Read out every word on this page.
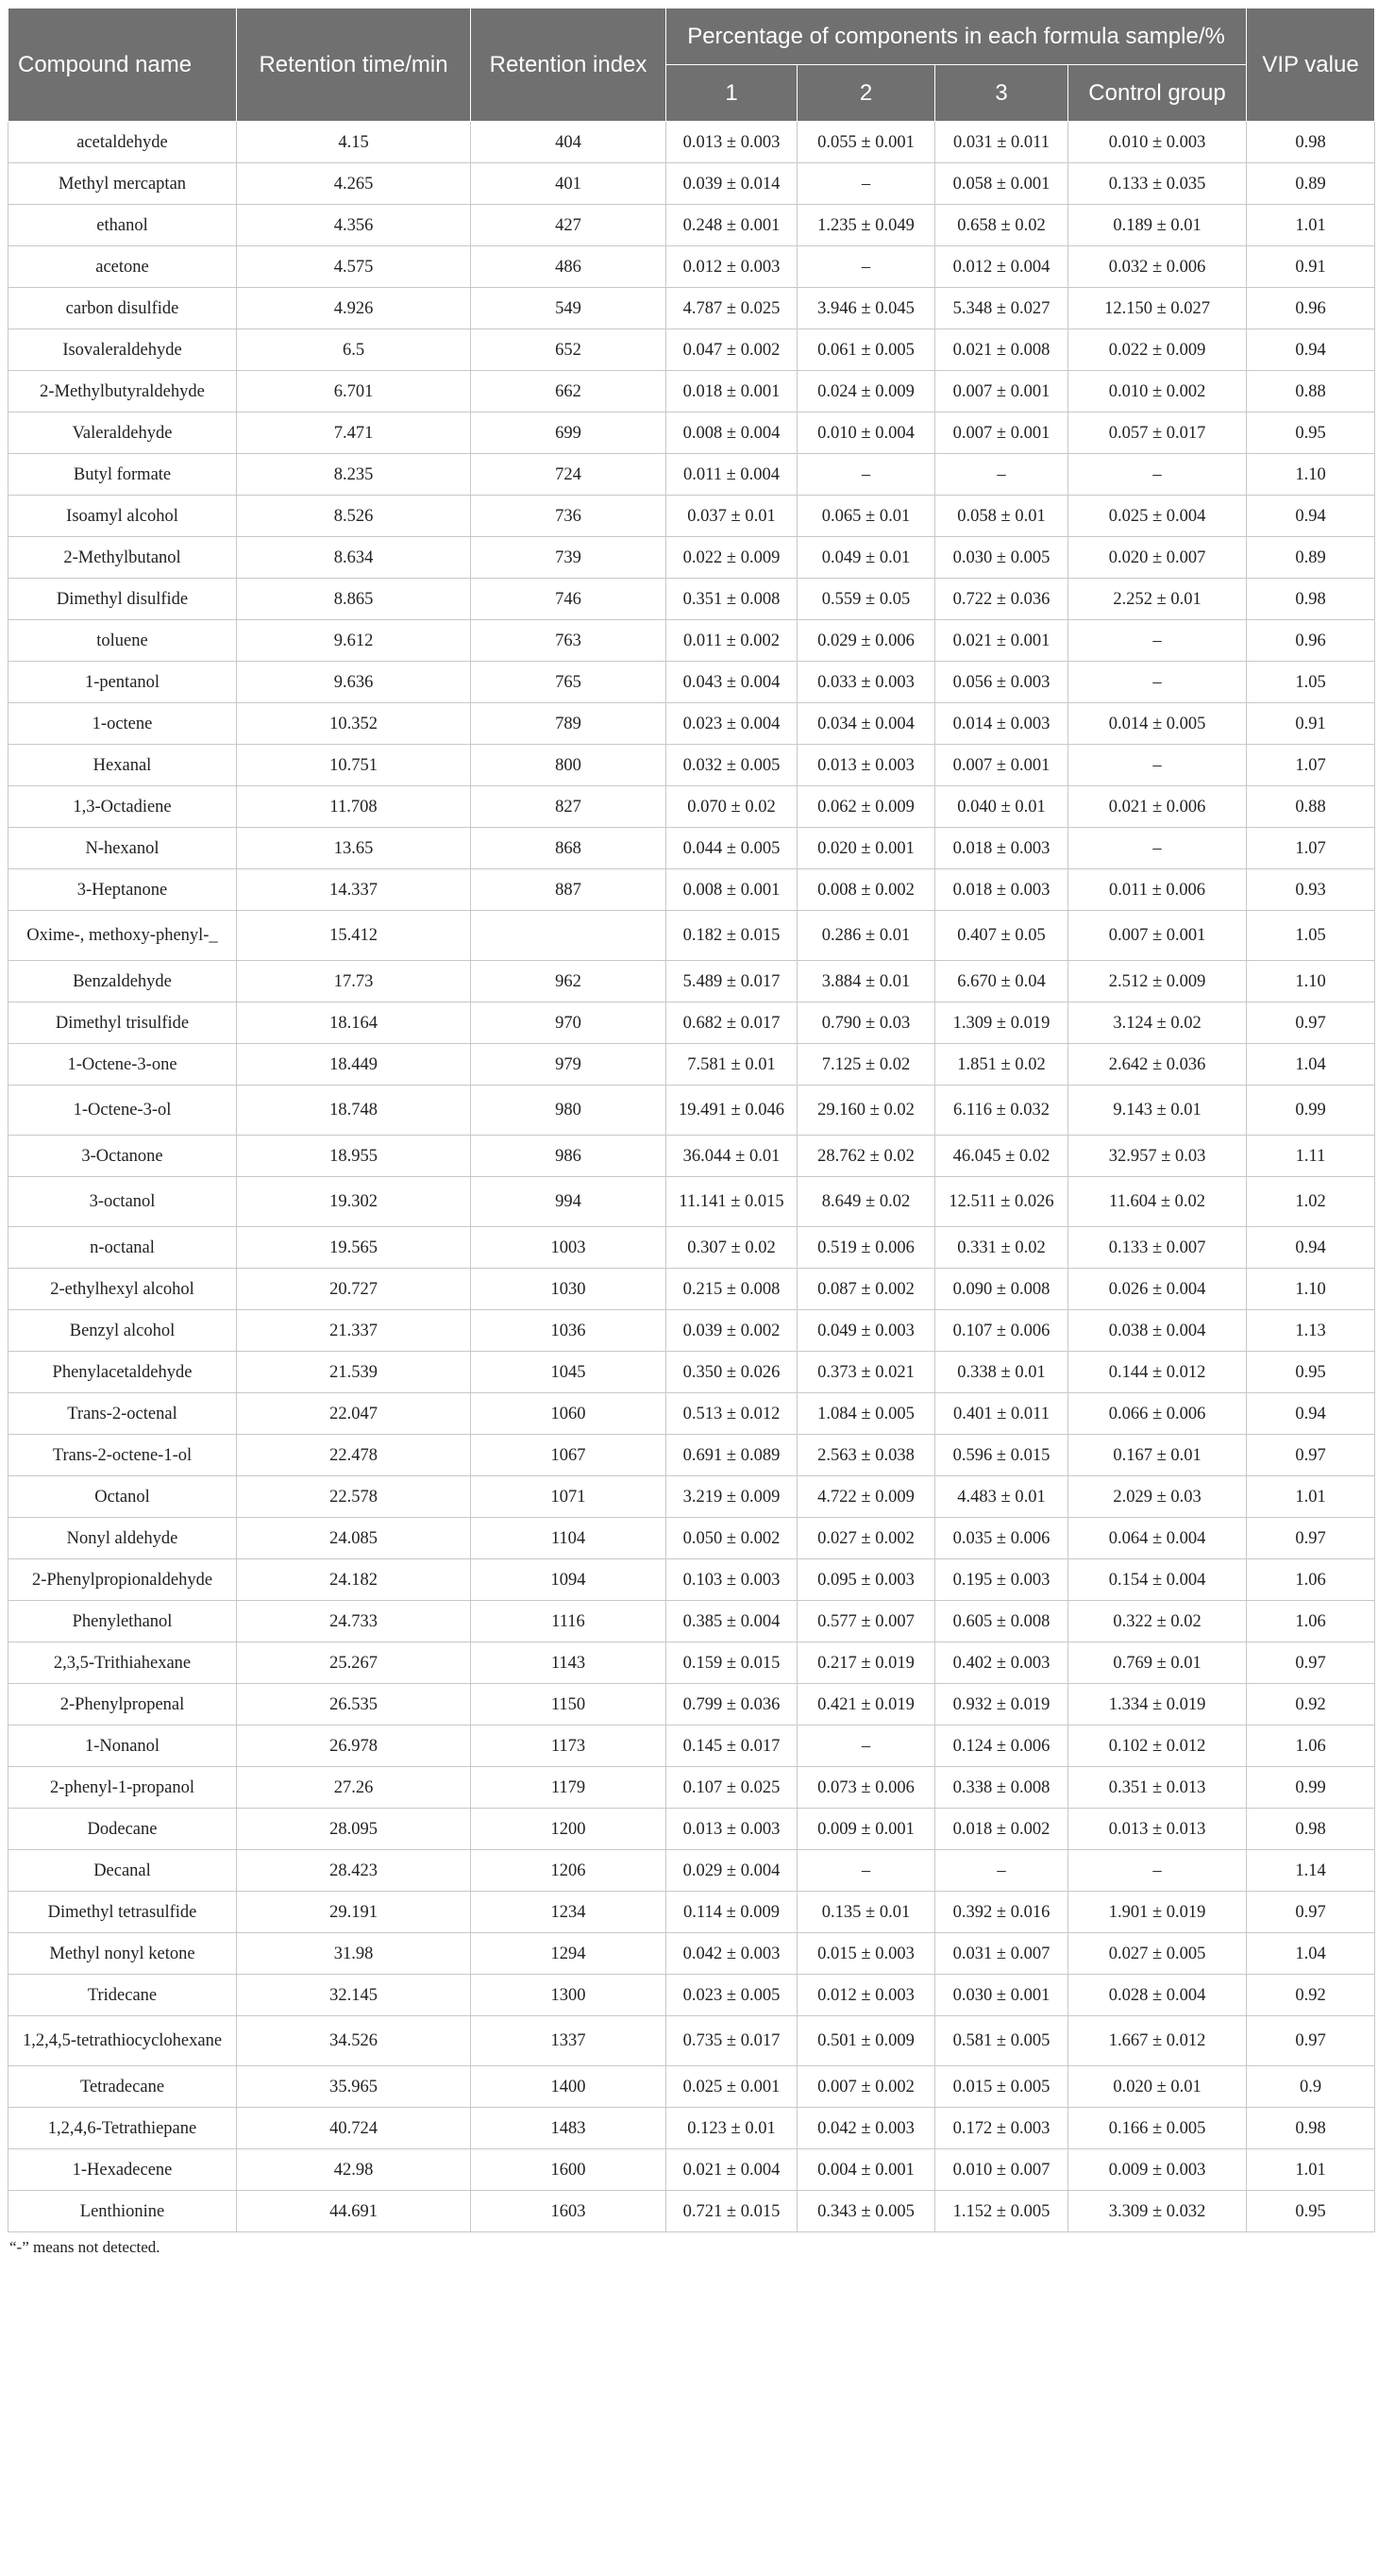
Compound name	Retention time/min	Retention index	Percentage of components in each formula sample/%				VIP value
			1	2	3	Control group	
acetaldehyde	4.15	404	0.013 ± 0.003	0.055 ± 0.001	0.031 ± 0.011	0.010 ± 0.003	0.98
Methyl mercaptan	4.265	401	0.039 ± 0.014	–	0.058 ± 0.001	0.133 ± 0.035	0.89
ethanol	4.356	427	0.248 ± 0.001	1.235 ± 0.049	0.658 ± 0.02	0.189 ± 0.01	1.01
acetone	4.575	486	0.012 ± 0.003	–	0.012 ± 0.004	0.032 ± 0.006	0.91
carbon disulfide	4.926	549	4.787 ± 0.025	3.946 ± 0.045	5.348 ± 0.027	12.150 ± 0.027	0.96
Isovaleraldehyde	6.5	652	0.047 ± 0.002	0.061 ± 0.005	0.021 ± 0.008	0.022 ± 0.009	0.94
2-Methylbutyraldehyde	6.701	662	0.018 ± 0.001	0.024 ± 0.009	0.007 ± 0.001	0.010 ± 0.002	0.88
Valeraldehyde	7.471	699	0.008 ± 0.004	0.010 ± 0.004	0.007 ± 0.001	0.057 ± 0.017	0.95
Butyl formate	8.235	724	0.011 ± 0.004	–	–	–	1.10
Isoamyl alcohol	8.526	736	0.037 ± 0.01	0.065 ± 0.01	0.058 ± 0.01	0.025 ± 0.004	0.94
2-Methylbutanol	8.634	739	0.022 ± 0.009	0.049 ± 0.01	0.030 ± 0.005	0.020 ± 0.007	0.89
Dimethyl disulfide	8.865	746	0.351 ± 0.008	0.559 ± 0.05	0.722 ± 0.036	2.252 ± 0.01	0.98
toluene	9.612	763	0.011 ± 0.002	0.029 ± 0.006	0.021 ± 0.001	–	0.96
1-pentanol	9.636	765	0.043 ± 0.004	0.033 ± 0.003	0.056 ± 0.003	–	1.05
1-octene	10.352	789	0.023 ± 0.004	0.034 ± 0.004	0.014 ± 0.003	0.014 ± 0.005	0.91
Hexanal	10.751	800	0.032 ± 0.005	0.013 ± 0.003	0.007 ± 0.001	–	1.07
1,3-Octadiene	11.708	827	0.070 ± 0.02	0.062 ± 0.009	0.040 ± 0.01	0.021 ± 0.006	0.88
N-hexanol	13.65	868	0.044 ± 0.005	0.020 ± 0.001	0.018 ± 0.003	–	1.07
3-Heptanone	14.337	887	0.008 ± 0.001	0.008 ± 0.002	0.018 ± 0.003	0.011 ± 0.006	0.93
Oxime-, methoxy-phenyl-_	15.412		0.182 ± 0.015	0.286 ± 0.01	0.407 ± 0.05	0.007 ± 0.001	1.05
Benzaldehyde	17.73	962	5.489 ± 0.017	3.884 ± 0.01	6.670 ± 0.04	2.512 ± 0.009	1.10
Dimethyl trisulfide	18.164	970	0.682 ± 0.017	0.790 ± 0.03	1.309 ± 0.019	3.124 ± 0.02	0.97
1-Octene-3-one	18.449	979	7.581 ± 0.01	7.125 ± 0.02	1.851 ± 0.02	2.642 ± 0.036	1.04
1-Octene-3-ol	18.748	980	19.491 ± 0.046	29.160 ± 0.02	6.116 ± 0.032	9.143 ± 0.01	0.99
3-Octanone	18.955	986	36.044 ± 0.01	28.762 ± 0.02	46.045 ± 0.02	32.957 ± 0.03	1.11
3-octanol	19.302	994	11.141 ± 0.015	8.649 ± 0.02	12.511 ± 0.026	11.604 ± 0.02	1.02
n-octanal	19.565	1003	0.307 ± 0.02	0.519 ± 0.006	0.331 ± 0.02	0.133 ± 0.007	0.94
2-ethylhexyl alcohol	20.727	1030	0.215 ± 0.008	0.087 ± 0.002	0.090 ± 0.008	0.026 ± 0.004	1.10
Benzyl alcohol	21.337	1036	0.039 ± 0.002	0.049 ± 0.003	0.107 ± 0.006	0.038 ± 0.004	1.13
Phenylacetaldehyde	21.539	1045	0.350 ± 0.026	0.373 ± 0.021	0.338 ± 0.01	0.144 ± 0.012	0.95
Trans-2-octenal	22.047	1060	0.513 ± 0.012	1.084 ± 0.005	0.401 ± 0.011	0.066 ± 0.006	0.94
Trans-2-octene-1-ol	22.478	1067	0.691 ± 0.089	2.563 ± 0.038	0.596 ± 0.015	0.167 ± 0.01	0.97
Octanol	22.578	1071	3.219 ± 0.009	4.722 ± 0.009	4.483 ± 0.01	2.029 ± 0.03	1.01
Nonyl aldehyde	24.085	1104	0.050 ± 0.002	0.027 ± 0.002	0.035 ± 0.006	0.064 ± 0.004	0.97
2-Phenylpropionaldehyde	24.182	1094	0.103 ± 0.003	0.095 ± 0.003	0.195 ± 0.003	0.154 ± 0.004	1.06
Phenylethanol	24.733	1116	0.385 ± 0.004	0.577 ± 0.007	0.605 ± 0.008	0.322 ± 0.02	1.06
2,3,5-Trithiahexane	25.267	1143	0.159 ± 0.015	0.217 ± 0.019	0.402 ± 0.003	0.769 ± 0.01	0.97
2-Phenylpropenal	26.535	1150	0.799 ± 0.036	0.421 ± 0.019	0.932 ± 0.019	1.334 ± 0.019	0.92
1-Nonanol	26.978	1173	0.145 ± 0.017	–	0.124 ± 0.006	0.102 ± 0.012	1.06
2-phenyl-1-propanol	27.26	1179	0.107 ± 0.025	0.073 ± 0.006	0.338 ± 0.008	0.351 ± 0.013	0.99
Dodecane	28.095	1200	0.013 ± 0.003	0.009 ± 0.001	0.018 ± 0.002	0.013 ± 0.013	0.98
Decanal	28.423	1206	0.029 ± 0.004	–	–	–	1.14
Dimethyl tetrasulfide	29.191	1234	0.114 ± 0.009	0.135 ± 0.01	0.392 ± 0.016	1.901 ± 0.019	0.97
Methyl nonyl ketone	31.98	1294	0.042 ± 0.003	0.015 ± 0.003	0.031 ± 0.007	0.027 ± 0.005	1.04
Tridecane	32.145	1300	0.023 ± 0.005	0.012 ± 0.003	0.030 ± 0.001	0.028 ± 0.004	0.92
1,2,4,5-tetrathiocyclohexane	34.526	1337	0.735 ± 0.017	0.501 ± 0.009	0.581 ± 0.005	1.667 ± 0.012	0.97
Tetradecane	35.965	1400	0.025 ± 0.001	0.007 ± 0.002	0.015 ± 0.005	0.020 ± 0.01	0.9
1,2,4,6-Tetrathiepane	40.724	1483	0.123 ± 0.01	0.042 ± 0.003	0.172 ± 0.003	0.166 ± 0.005	0.98
1-Hexadecene	42.98	1600	0.021 ± 0.004	0.004 ± 0.001	0.010 ± 0.007	0.009 ± 0.003	1.01
Lenthionine	44.691	1603	0.721 ± 0.015	0.343 ± 0.005	1.152 ± 0.005	3.309 ± 0.032	0.95
“-” means not detected.
